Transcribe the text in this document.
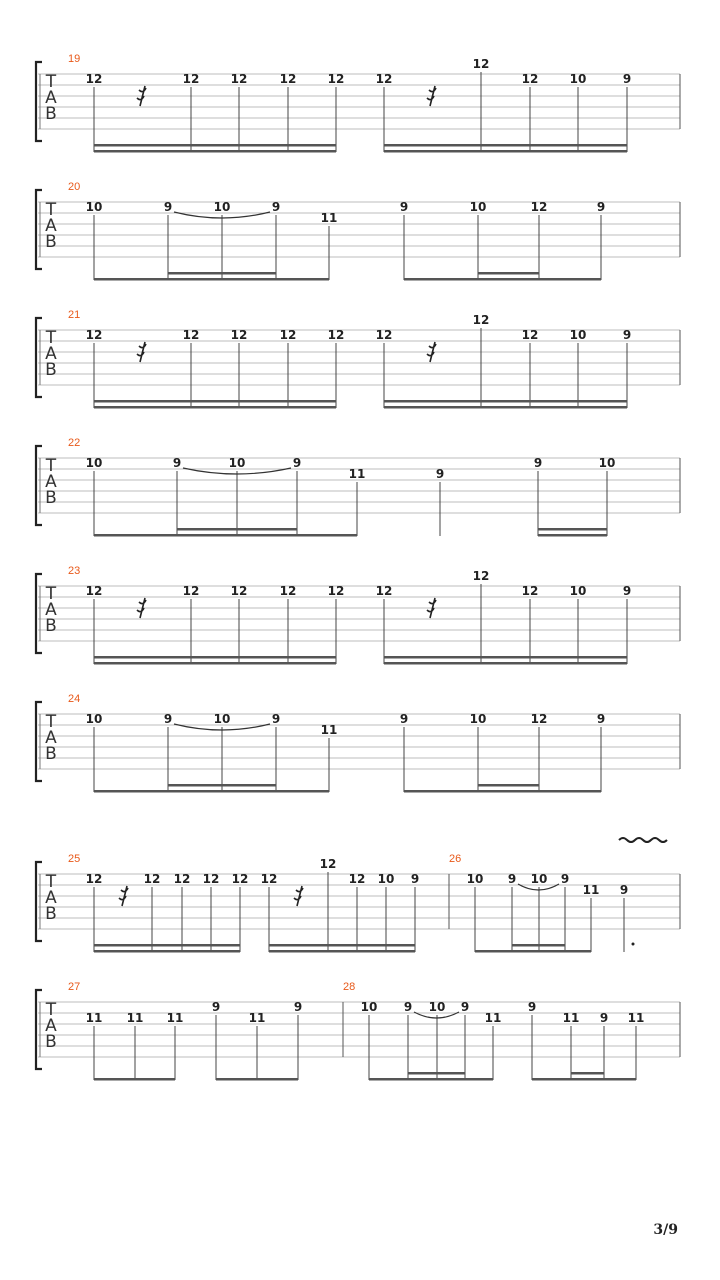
T
A
B
19
12	12	12	12	12	12
12
12	10	9
T
A
B
20
10	9	10	9
11
9	10	12	9
T
A
B
21
12	12	12	12	12	12
12
12	10	9
T
A
B
22
10	9	10	9
11	9
9	10
T
A
B
23
12	12	12	12	12	12
12
12	10	9
T
A
B
24
10	9	10	9
11
9	10	12	9
T
A
B
25
12	12 12 12 12 12
12
12 10 9
26
10 9 10 9
11 9
T
A
B
27
11 11 11
9
11
9
28
10 9 10 9
11
9
11 9 11
3/9
